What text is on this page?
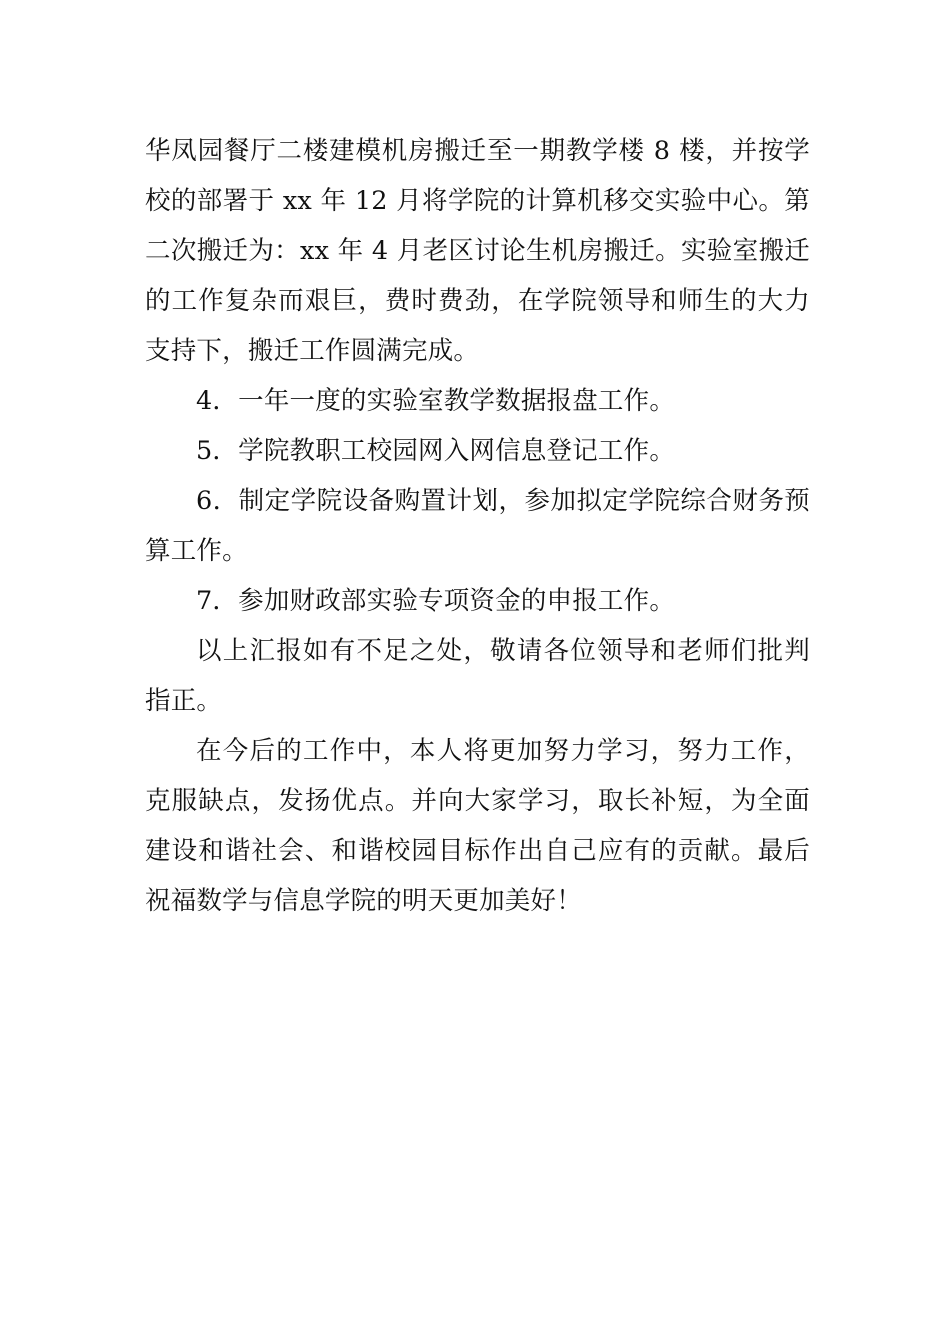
华凤园餐厅二楼建模机房搬迁至一期教学楼 8 楼，并按学校的部署于 xx 年 12 月将学院的计算机移交实验中心。第二次搬迁为：xx 年 4 月老区讨论生机房搬迁。实验室搬迁的工作复杂而艰巨，费时费劲，在学院领导和师生的大力支持下，搬迁工作圆满完成。

4．一年一度的实验室教学数据报盘工作。

5．学院教职工校园网入网信息登记工作。

6．制定学院设备购置计划，参加拟定学院综合财务预算工作。

7．参加财政部实验专项资金的申报工作。

以上汇报如有不足之处，敬请各位领导和老师们批判指正。

在今后的工作中，本人将更加努力学习，努力工作，克服缺点，发扬优点。并向大家学习，取长补短，为全面建设和谐社会、和谐校园目标作出自己应有的贡献。最后祝福数学与信息学院的明天更加美好！
